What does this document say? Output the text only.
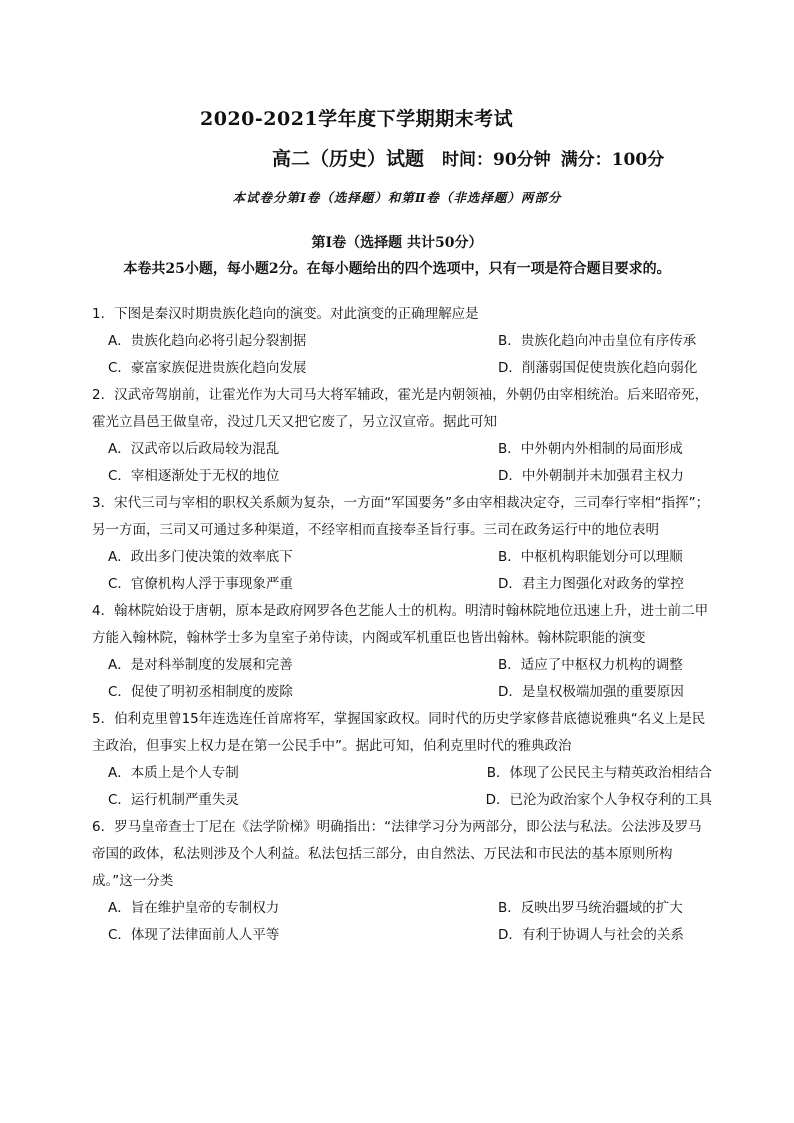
2020-2021学年度下学期期末考试
高二（历史）试题 时间：90分钟 满分：100分
本试卷分第Ⅰ卷（选择题）和第Ⅱ卷（非选择题）两部分
第Ⅰ卷（选择题 共计50分）
本卷共25小题，每小题2分。在每小题给出的四个选项中，只有一项是符合题目要求的。
1．下图是秦汉时期贵族化趋向的演变。对此演变的正确理解应是
A．贵族化趋向必将引起分裂割据	B．贵族化趋向冲击皇位有序传承
C．豪富家族促进贵族化趋向发展	D．削藩弱国促使贵族化趋向弱化
2．汉武帝驾崩前，让霍光作为大司马大将军辅政，霍光是内朝领袖，外朝仍由宰相统治。后来昭帝死，霍光立昌邑王做皇帝，没过几天又把它废了，另立汉宣帝。据此可知
A．汉武帝以后政局较为混乱	B．中外朝内外相制的局面形成
C．宰相逐渐处于无权的地位	D．中外朝制并未加强君主权力
3．宋代三司与宰相的职权关系颇为复杂，一方面“军国要务”多由宰相裁决定夺，三司奉行宰相“指挥”；另一方面，三司又可通过多种渠道，不经宰相而直接奉圣旨行事。三司在政务运行中的地位表明
A．政出多门使决策的效率底下	B．中枢机构职能划分可以理顺
C．官僚机构人浮于事现象严重	D．君主力图强化对政务的掌控
4．翰林院始设于唐朝，原本是政府网罗各色艺能人士的机构。明清时翰林院地位迅速上升，进士前二甲方能入翰林院，翰林学士多为皇室子弟侍读，内阁或军机重臣也皆出翰林。翰林院职能的演变
A．是对科举制度的发展和完善	B．适应了中枢权力机构的调整
C．促使了明初丞相制度的废除	D．是皇权极端加强的重要原因
5．伯利克里曾15年连选连任首席将军，掌握国家政权。同时代的历史学家修昔底德说雅典“名义上是民主政治，但事实上权力是在第一公民手中”。据此可知，伯利克里时代的雅典政治
A．本质上是个人专制	B．体现了公民民主与精英政治相结合
C．运行机制严重失灵	D．已沦为政治家个人争权夺利的工具
6．罗马皇帝查士丁尼在《法学阶梯》明确指出：“法律学习分为两部分，即公法与私法。公法涉及罗马帝国的政体，私法则涉及个人利益。私法包括三部分，由自然法、万民法和市民法的基本原则所构成。”这一分类
A．旨在维护皇帝的专制权力	B．反映出罗马统治疆域的扩大
C．体现了法律面前人人平等	D．有利于协调人与社会的关系
